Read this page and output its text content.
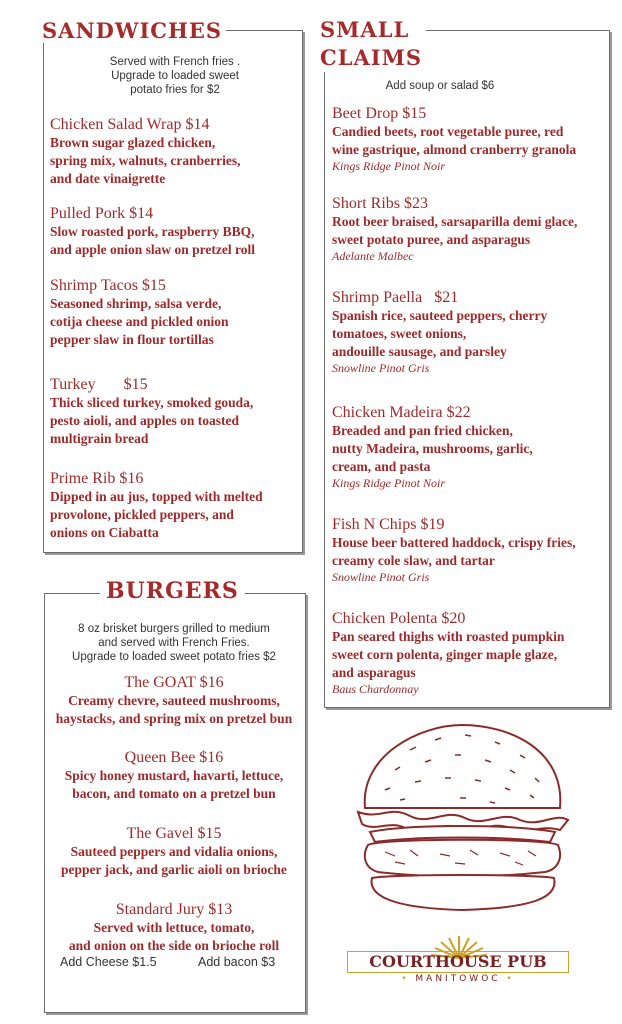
SANDWICHES
Served with French fries .
Upgrade to loaded sweet
potato fries for $2
Chicken Salad Wrap $14
Brown sugar glazed chicken,
spring mix, walnuts, cranberries,
and date vinaigrette
Pulled Pork $14
Slow roasted pork, raspberry BBQ,
and apple onion slaw on pretzel roll
Shrimp Tacos $15
Seasoned shrimp, salsa verde,
cotija cheese and pickled onion
pepper slaw in flour tortillas
Turkey       $15
Thick sliced turkey, smoked gouda,
pesto aioli, and apples on toasted
multigrain bread
Prime Rib $16
Dipped in au jus, topped with melted
provolone, pickled peppers, and
onions on Ciabatta
SMALL
CLAIMS
Add soup or salad $6
Beet Drop $15
Candied beets, root vegetable puree, red
wine gastrique, almond cranberry granola
Kings Ridge Pinot Noir
Short Ribs $23
Root beer braised, sarsaparilla demi glace,
sweet potato puree, and asparagus
Adelante Malbec
Shrimp Paella   $21
Spanish rice, sauteed peppers, cherry
tomatoes, sweet onions,
andouille sausage, and parsley
Snowline Pinot Gris
Chicken Madeira $22
Breaded and pan fried chicken,
nutty Madeira, mushrooms, garlic,
cream, and pasta
Kings Ridge Pinot Noir
Fish N Chips $19
House beer battered haddock, crispy fries,
creamy cole slaw, and tartar
Snowline Pinot Gris
Chicken Polenta $20
Pan seared thighs with roasted pumpkin
sweet corn polenta, ginger maple glaze,
and asparagus
Baus Chardonnay
BURGERS
8 oz brisket burgers grilled to medium
and served with French Fries.
Upgrade to loaded sweet potato fries $2
The GOAT $16
Creamy chevre, sauteed mushrooms,
haystacks, and spring mix on pretzel bun
Queen Bee $16
Spicy honey mustard, havarti, lettuce,
bacon, and tomato on a pretzel bun
The Gavel $15
Sauteed peppers and vidalia onions,
pepper jack, and garlic aioli on brioche
Standard Jury $13
Served with lettuce, tomato,
and onion on the side on brioche roll
Add Cheese $1.5	Add bacon $3	COURTHOUSE PUB
• MANITOWOC •
